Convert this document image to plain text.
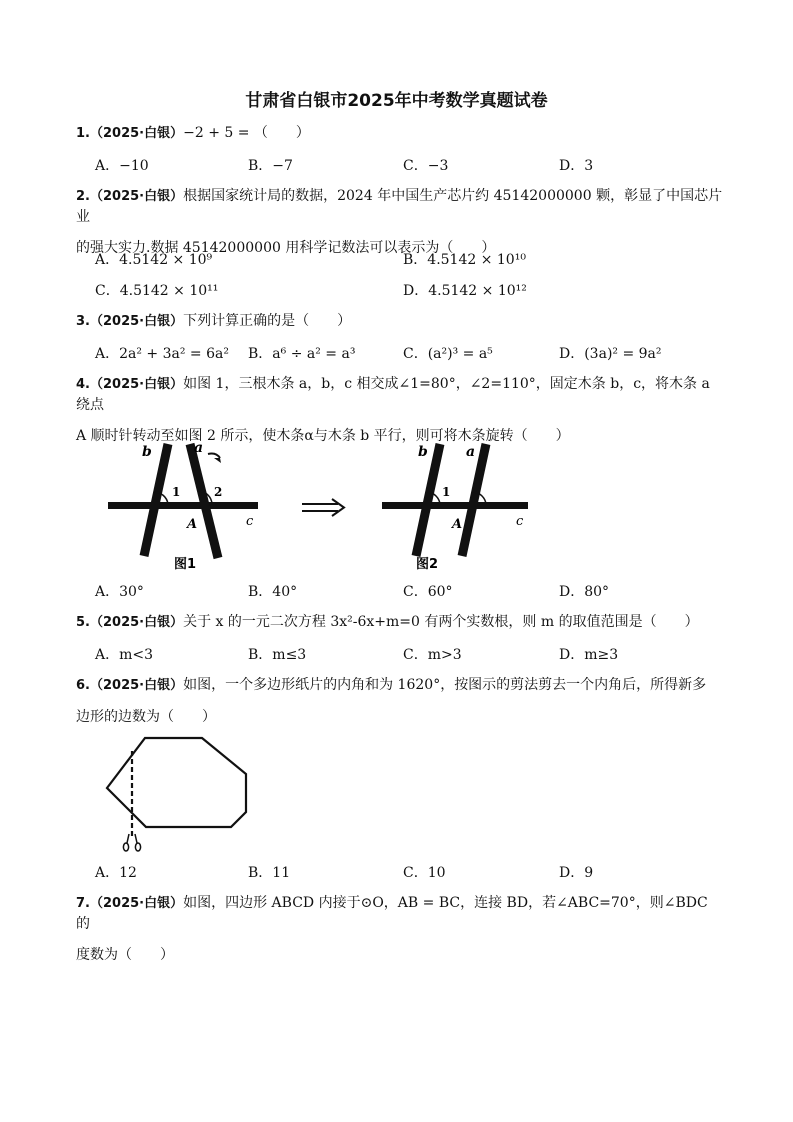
甘肃省白银市2025年中考数学真题试卷
1.（2025·白银）−2 + 5 = （　　）
A．−10	B．−7	C．−3	D．3
2.（2025·白银）根据国家统计局的数据，2024 年中国生产芯片约 45142000000 颗，彰显了中国芯片业
的强大实力.数据 45142000000 用科学记数法可以表示为（　　）
A．4.5142 × 10⁹	B．4.5142 × 10¹⁰
C．4.5142 × 10¹¹	D．4.5142 × 10¹²
3.（2025·白银）下列计算正确的是（　　）
A．2a² + 3a² = 6a² B．a⁶ ÷ a² = a³	C．(a²)³ = a⁵	D．(3a)² = 9a²
4.（2025·白银）如图 1，三根木条 a，b，c 相交成∠1=80°，∠2=110°，固定木条 b，c，将木条 a 绕点
A 顺时针转动至如图 2 所示，使木条α与木条 b 平行，则可将木条旋转（　　）
b	a
1	2
A	c
图1
b	a
1
A	c
图2
A．30°	B．40°	C．60°	D．80°
5.（2025·白银）关于 x 的一元二次方程 3x²-6x+m=0 有两个实数根，则 m 的取值范围是（　　）
A．m<3	B．m≤3	C．m>3	D．m≥3
6.（2025·白银）如图，一个多边形纸片的内角和为 1620°，按图示的剪法剪去一个内角后，所得新多
边形的边数为（　　）
A．12	B．11	C．10	D．9
7.（2025·白银）如图，四边形 ABCD 内接于⊙O，AB = BC，连接 BD，若∠ABC=70°，则∠BDC 的
度数为（　　）
